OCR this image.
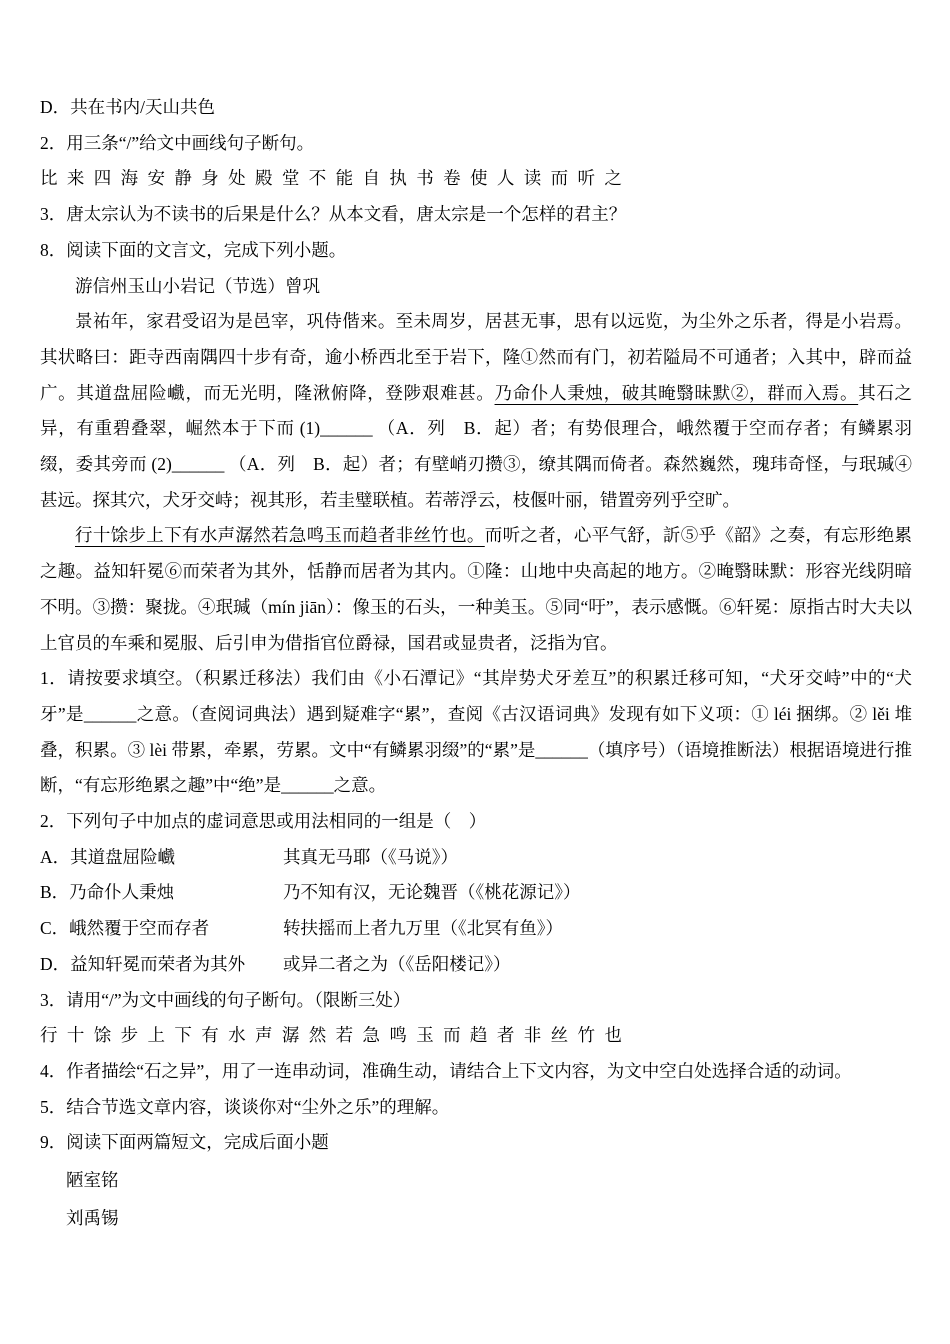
D．共在书内/天山共色

2．用三条“/”给文中画线句子断句。

比 来 四 海 安 静 身 处 殿 堂 不 能 自 执 书 卷 使 人 读 而 听 之

3．唐太宗认为不读书的后果是什么？从本文看，唐太宗是一个怎样的君主？

8．阅读下面的文言文，完成下列小题。

游信州玉山小岩记（节选）曾巩

景祐年，家君受诏为是邑宰，巩侍偕来。至未周岁，居甚无事，思有以远览，为尘外之乐者，得是小岩焉。其状略曰：距寺西南隅四十步有奇，逾小桥西北至于岩下，隆①然而有门，初若隘局不可通者；入其中，辟而益广。其道盘屈险巇，而无光明，隆湫俯降，登陟艰难甚。乃命仆人秉烛，破其晻翳昧默②，群而入焉。其石之异，有重碧叠翠，崛然本于下而 (1)______ （A．列　B．起）者；有势佷理合，峨然覆于空而存者；有鳞累羽缀，委其旁而 (2)______ （A．列　B．起）者；有壁峭刃攒③，缭其隅而倚者。森然巍然，瑰玮奇怪，与珉瑊④甚远。探其穴，犬牙交峙；视其形，若圭璧联植。若蒂浮云，枝偃叶丽，错置旁列乎空旷。

行十馀步上下有水声潺然若急鸣玉而趋者非丝竹也。而听之者，心平气舒，訢⑤乎《韶》之奏，有忘形绝累之趣。益知轩冕⑥而荣者为其外，恬静而居者为其内。①隆：山地中央高起的地方。②晻翳昧默：形容光线阴暗不明。③攒：聚拢。④珉瑊（mín jiān）：像玉的石头，一种美玉。⑤同“吁”，表示感慨。⑥轩冕：原指古时大夫以上官员的车乘和冕服、后引申为借指官位爵禄，国君或显贵者，泛指为官。

1．请按要求填空。（积累迁移法）我们由《小石潭记》“其岸势犬牙差互”的积累迁移可知，“犬牙交峙”中的“犬牙”是______之意。（查阅词典法）遇到疑难字“累”，查阅《古汉语词典》发现有如下义项：① léi 捆绑。② lěi 堆叠，积累。③ lèi 带累，牵累，劳累。文中“有鳞累羽缀”的“累”是______（填序号）（语境推断法）根据语境进行推断，“有忘形绝累之趣”中“绝”是______之意。

2．下列句子中加点的虚词意思或用法相同的一组是（　）

A．其道盘屈险巇	其真无马耶（《马说》）

B．乃命仆人秉烛	乃不知有汉，无论魏晋（《桃花源记》）

C．峨然覆于空而存者	转扶摇而上者九万里（《北冥有鱼》）

D．益知轩冕而荣者为其外	或异二者之为（《岳阳楼记》）

3．请用“/”为文中画线的句子断句。（限断三处）

行 十 馀 步 上 下 有 水 声 潺 然 若 急 鸣 玉 而 趋 者 非 丝 竹 也

4．作者描绘“石之异”，用了一连串动词，准确生动，请结合上下文内容，为文中空白处选择合适的动词。

5．结合节选文章内容，谈谈你对“尘外之乐”的理解。

9．阅读下面两篇短文，完成后面小题

陋室铭

刘禹锡
